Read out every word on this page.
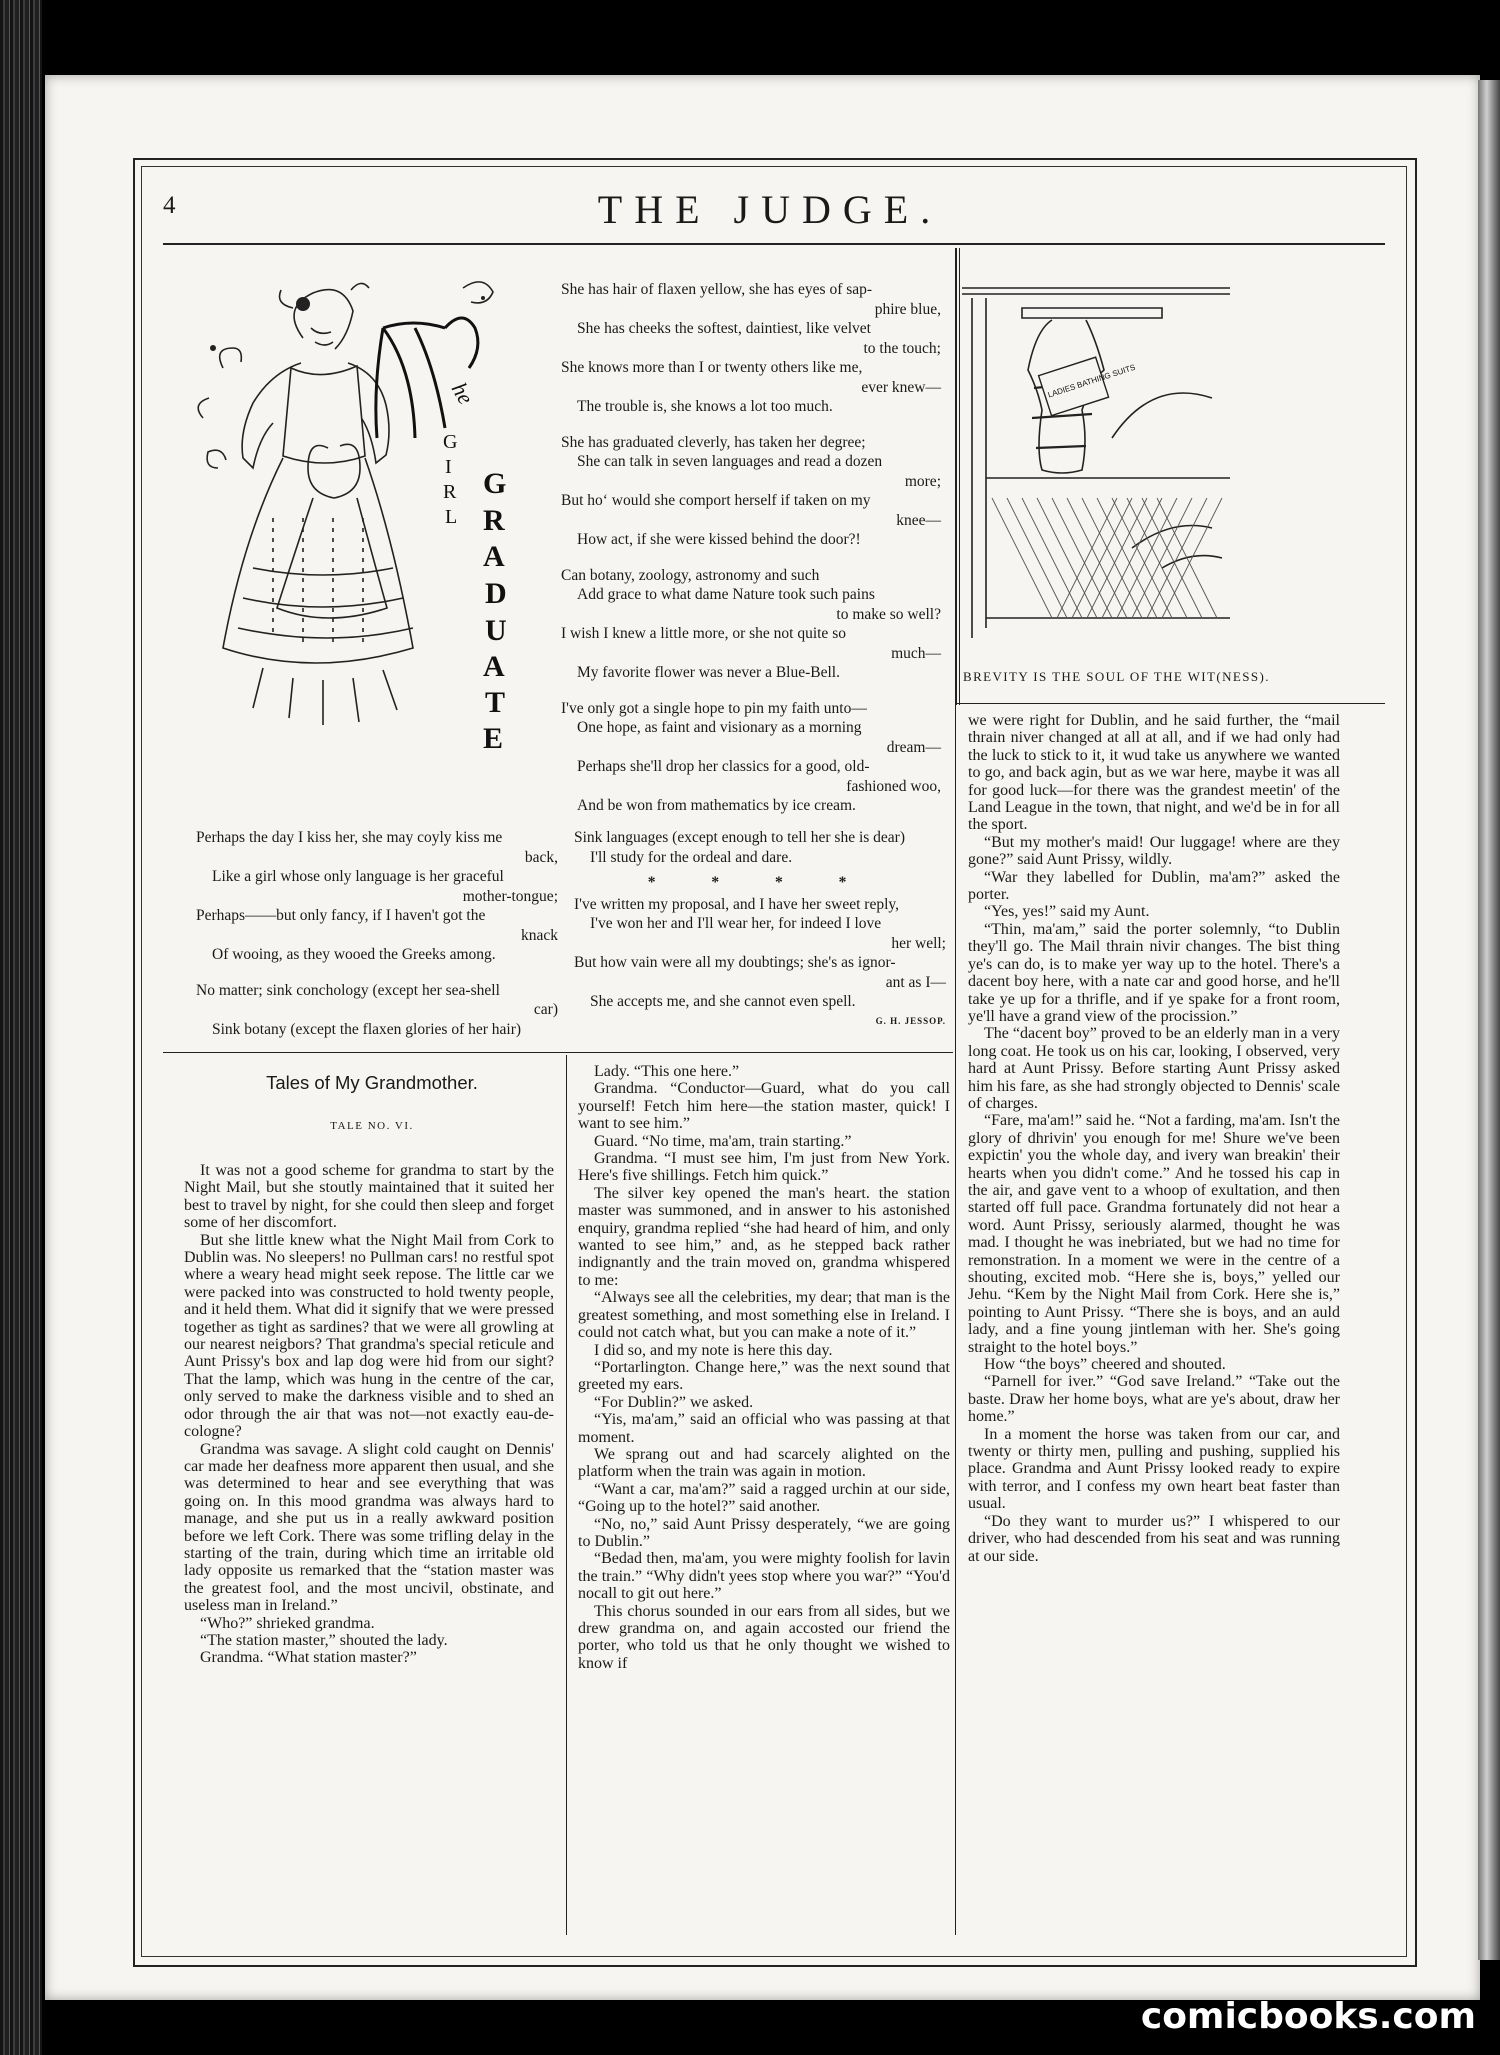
4	THE JUDGE.
he
G
I
R
L
G
R
A
D
U
A
T
E
She has hair of flaxen yellow, she has eyes of sap-
phire blue,
She has cheeks the softest, daintiest, like velvet
to the touch;
She knows more than I or twenty others like me,
ever knew—
The trouble is, she knows a lot too much.
She has graduated cleverly, has taken her degree;
She can talk in seven languages and read a dozen
more;
But hoʻ would she comport herself if taken on my
knee—
How act, if she were kissed behind the door?!
Can botany, zoology, astronomy and such
Add grace to what dame Nature took such pains
to make so well?
I wish I knew a little more, or she not quite so
much—
My favorite flower was never a Blue-Bell.
I've only got a single hope to pin my faith unto—
One hope, as faint and visionary as a morning
dream—
Perhaps she'll drop her classics for a good, old-
fashioned woo,
And be won from mathematics by ice cream.
Perhaps the day I kiss her, she may coyly kiss me
back,
Like a girl whose only language is her graceful
mother-tongue;
Perhaps——but only fancy, if I haven't got the
knack
Of wooing, as they wooed the Greeks among.
No matter; sink conchology (except her sea-shell
car)
Sink botany (except the flaxen glories of her hair)
Sink languages (except enough to tell her she is dear)
I'll study for the ordeal and dare.
* * * *
I've written my proposal, and I have her sweet reply,
I've won her and I'll wear her, for indeed I love
her well;
But how vain were all my doubtings; she's as ignor-
ant as I—
She accepts me, and she cannot even spell.
G. H. JESSOP.
LADIES BATHING SUITS
BREVITY IS THE SOUL OF THE WIT(NESS).
Tales of My Grandmother.
TALE NO. VI.

It was not a good scheme for grandma to start by the Night Mail, but she stoutly maintained that it suited her best to travel by night, for she could then sleep and forget some of her discomfort.

But she little knew what the Night Mail from Cork to Dublin was. No sleepers! no Pullman cars! no restful spot where a weary head might seek repose. The little car we were packed into was constructed to hold twenty people, and it held them. What did it signify that we were pressed together as tight as sardines? that we were all growling at our nearest neigbors? That grandma's special reticule and Aunt Prissy's box and lap dog were hid from our sight? That the lamp, which was hung in the centre of the car, only served to make the darkness visible and to shed an odor through the air that was not—not exactly eau-de-cologne?

Grandma was savage. A slight cold caught on Dennis' car made her deafness more apparent then usual, and she was determined to hear and see everything that was going on. In this mood grandma was always hard to manage, and she put us in a really awkward position before we left Cork. There was some trifling delay in the starting of the train, during which time an irritable old lady opposite us remarked that the “station master was the greatest fool, and the most uncivil, obstinate, and useless man in Ireland.”

“Who?” shrieked grandma.

“The station master,” shouted the lady.

Grandma. “What station master?”

Lady. “This one here.”

Grandma. “Conductor—Guard, what do you call yourself! Fetch him here—the station master, quick! I want to see him.”

Guard. “No time, ma'am, train starting.”

Grandma. “I must see him, I'm just from New York. Here's five shillings. Fetch him quick.”

The silver key opened the man's heart. the station master was summoned, and in answer to his astonished enquiry, grandma replied “she had heard of him, and only wanted to see him,” and, as he stepped back rather indignantly and the train moved on, grandma whispered to me:

“Always see all the celebrities, my dear; that man is the greatest something, and most something else in Ireland. I could not catch what, but you can make a note of it.”

I did so, and my note is here this day.

“Portarlington. Change here,” was the next sound that greeted my ears.

“For Dublin?” we asked.

“Yis, ma'am,” said an official who was passing at that moment.

We sprang out and had scarcely alighted on the platform when the train was again in motion.

“Want a car, ma'am?” said a ragged urchin at our side, “Going up to the hotel?” said another.

“No, no,” said Aunt Prissy desperately, “we are going to Dublin.”

“Bedad then, ma'am, you were mighty foolish for lavin the train.” “Why didn't yees stop where you war?” “You'd nocall to git out here.”

This chorus sounded in our ears from all sides, but we drew grandma on, and again accosted our friend the porter, who told us that he only thought we wished to know if

we were right for Dublin, and he said further, the “mail thrain niver changed at all at all, and if we had only had the luck to stick to it, it wud take us anywhere we wanted to go, and back agin, but as we war here, maybe it was all for good luck—for there was the grandest meetin' of the Land League in the town, that night, and we'd be in for all the sport.

“But my mother's maid! Our luggage! where are they gone?” said Aunt Prissy, wildly.

“War they labelled for Dublin, ma'am?” asked the porter.

“Yes, yes!” said my Aunt.

“Thin, ma'am,” said the porter solemnly, “to Dublin they'll go. The Mail thrain nivir changes. The bist thing ye's can do, is to make yer way up to the hotel. There's a dacent boy here, with a nate car and good horse, and he'll take ye up for a thrifle, and if ye spake for a front room, ye'll have a grand view of the procission.”

The “dacent boy” proved to be an elderly man in a very long coat. He took us on his car, looking, I observed, very hard at Aunt Prissy. Before starting Aunt Prissy asked him his fare, as she had strongly objected to Dennis' scale of charges.

“Fare, ma'am!” said he. “Not a farding, ma'am. Isn't the glory of dhrivin' you enough for me! Shure we've been expictin' you the whole day, and ivery wan breakin' their hearts when you didn't come.” And he tossed his cap in the air, and gave vent to a whoop of exultation, and then started off full pace. Grandma fortunately did not hear a word. Aunt Prissy, seriously alarmed, thought he was mad. I thought he was inebriated, but we had no time for remonstration. In a moment we were in the centre of a shouting, excited mob. “Here she is, boys,” yelled our Jehu. “Kem by the Night Mail from Cork. Here she is,” pointing to Aunt Prissy. “There she is boys, and an auld lady, and a fine young jintleman with her. She's going straight to the hotel boys.”

How “the boys” cheered and shouted.

“Parnell for iver.” “God save Ireland.” “Take out the baste. Draw her home boys, what are ye's about, draw her home.”

In a moment the horse was taken from our car, and twenty or thirty men, pulling and pushing, supplied his place. Grandma and Aunt Prissy looked ready to expire with terror, and I confess my own heart beat faster than usual.

“Do they want to murder us?” I whispered to our driver, who had descended from his seat and was running at our side.

comicbooks.com
